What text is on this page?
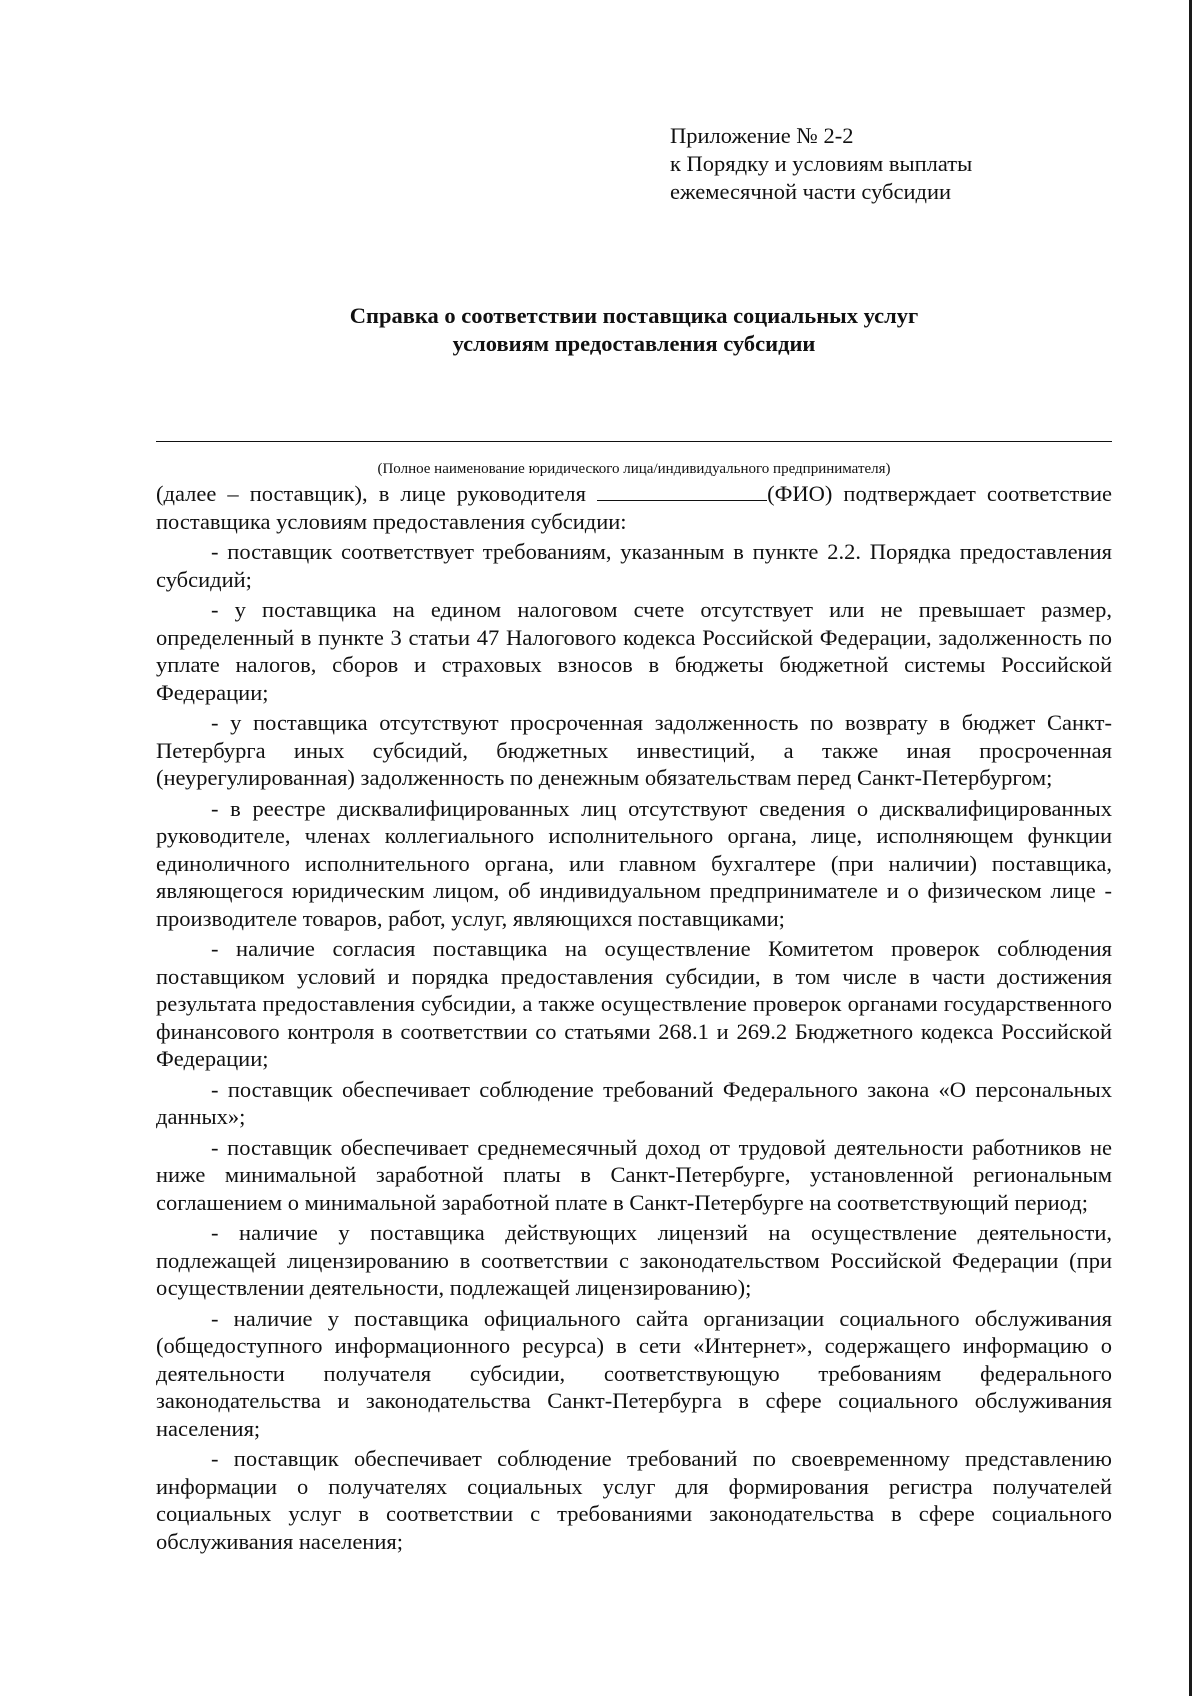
Приложение № 2-2
к Порядку и условиям выплаты
ежемесячной части субсидии
Справка о соответствии поставщика социальных услуг
условиям предоставления субсидии
(Полное наименование юридического лица/индивидуального предпринимателя)

(далее – поставщик), в лице руководителя	(ФИО) подтверждает соответствие поставщика условиям предоставления субсидии:

- поставщик соответствует требованиям, указанным в пункте 2.2. Порядка предоставления субсидий;

- у поставщика на едином налоговом счете отсутствует или не превышает размер, определенный в пункте 3 статьи 47 Налогового кодекса Российской Федерации, задолженность по уплате налогов, сборов и страховых взносов в бюджеты бюджетной системы Российской Федерации;

- у поставщика отсутствуют просроченная задолженность по возврату в бюджет Санкт-Петербурга иных субсидий, бюджетных инвестиций, а также иная просроченная (неурегулированная) задолженность по денежным обязательствам перед Санкт-Петербургом;

- в реестре дисквалифицированных лиц отсутствуют сведения о дисквалифицированных руководителе, членах коллегиального исполнительного органа, лице, исполняющем функции единоличного исполнительного органа, или главном бухгалтере (при наличии) поставщика, являющегося юридическим лицом, об индивидуальном предпринимателе и о физическом лице - производителе товаров, работ, услуг, являющихся поставщиками;

- наличие согласия поставщика на осуществление Комитетом проверок соблюдения поставщиком условий и порядка предоставления субсидии, в том числе в части достижения результата предоставления субсидии, а также осуществление проверок органами государственного финансового контроля в соответствии со статьями 268.1 и 269.2 Бюджетного кодекса Российской Федерации;

- поставщик обеспечивает соблюдение требований Федерального закона «О персональных данных»;

- поставщик обеспечивает среднемесячный доход от трудовой деятельности работников не ниже минимальной заработной платы в Санкт-Петербурге, установленной региональным соглашением о минимальной заработной плате в Санкт-Петербурге на соответствующий период;

- наличие у поставщика действующих лицензий на осуществление деятельности, подлежащей лицензированию в соответствии с законодательством Российской Федерации (при осуществлении деятельности, подлежащей лицензированию);

- наличие у поставщика официального сайта организации социального обслуживания (общедоступного информационного ресурса) в сети «Интернет», содержащего информацию о деятельности получателя субсидии, соответствующую требованиям федерального законодательства и законодательства Санкт-Петербурга в сфере социального обслуживания населения;

- поставщик обеспечивает соблюдение требований по своевременному представлению информации о получателях социальных услуг для формирования регистра получателей социальных услуг в соответствии с требованиями законодательства в сфере социального обслуживания населения;
